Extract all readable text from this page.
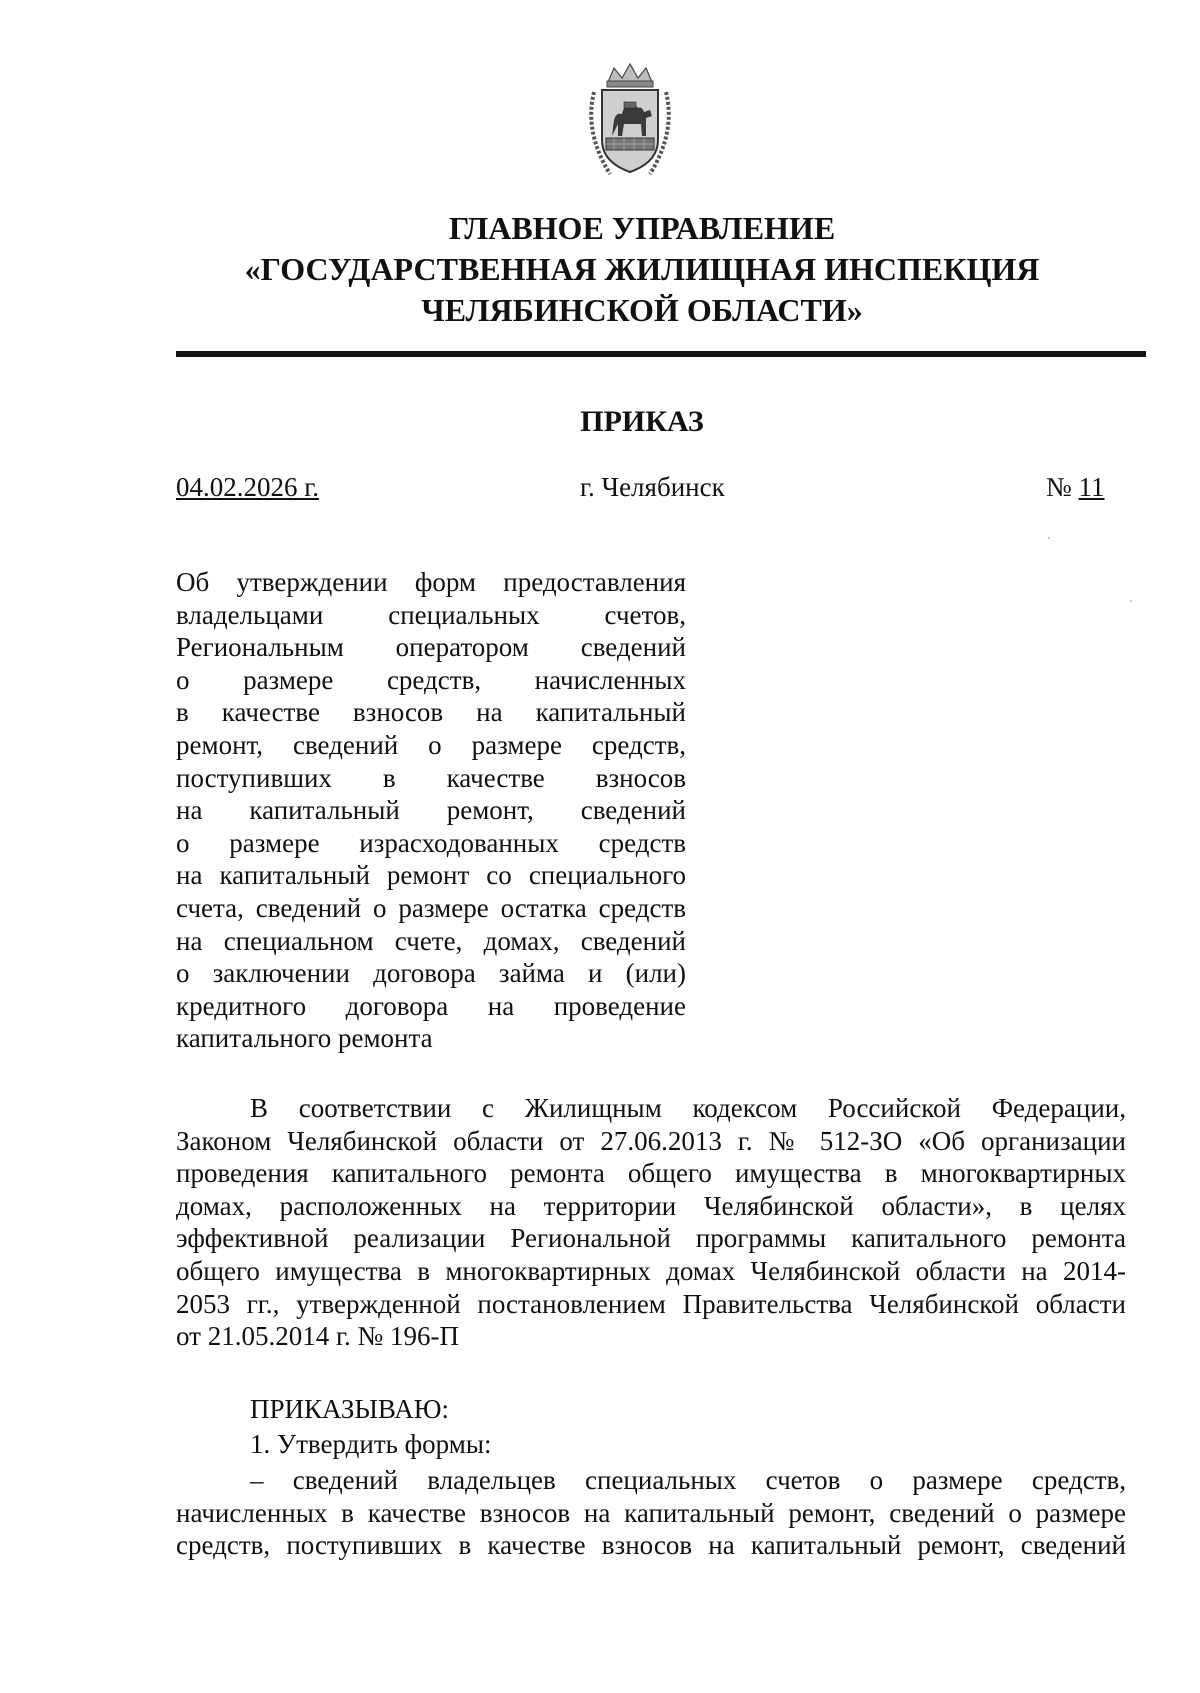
ГЛАВНОЕ УПРАВЛЕНИЕ
«ГОСУДАРСТВЕННАЯ ЖИЛИЩНАЯ ИНСПЕКЦИЯ
ЧЕЛЯБИНСКОЙ ОБЛАСТИ»
ПРИКАЗ
04.02.2026 г.	г. Челябинск	№ 11
Об утверждении форм предоставления
владельцами специальных счетов,
Региональным оператором сведений
о размере средств, начисленных
в качестве взносов на капитальный
ремонт, сведений о размере средств,
поступивших в качестве взносов
на капитальный ремонт, сведений
о размере израсходованных средств
на капитальный ремонт со специального
счета, сведений о размере остатка средств
на специальном счете, домах, сведений
о заключении договора займа и (или)
кредитного договора на проведение
капитального ремонта
В соответствии с Жилищным кодексом Российской Федерации,
Законом Челябинской области от 27.06.2013 г. № 512-ЗО «Об организации
проведения капитального ремонта общего имущества в многоквартирных
домах, расположенных на территории Челябинской области», в целях
эффективной реализации Региональной программы капитального ремонта
общего имущества в многоквартирных домах Челябинской области на 2014-
2053 гг., утвержденной постановлением Правительства Челябинской области
от 21.05.2014 г. № 196-П
ПРИКАЗЫВАЮ:
1. Утвердить формы:
– сведений владельцев специальных счетов о размере средств,
начисленных в качестве взносов на капитальный ремонт, сведений о размере
средств, поступивших в качестве взносов на капитальный ремонт, сведений
